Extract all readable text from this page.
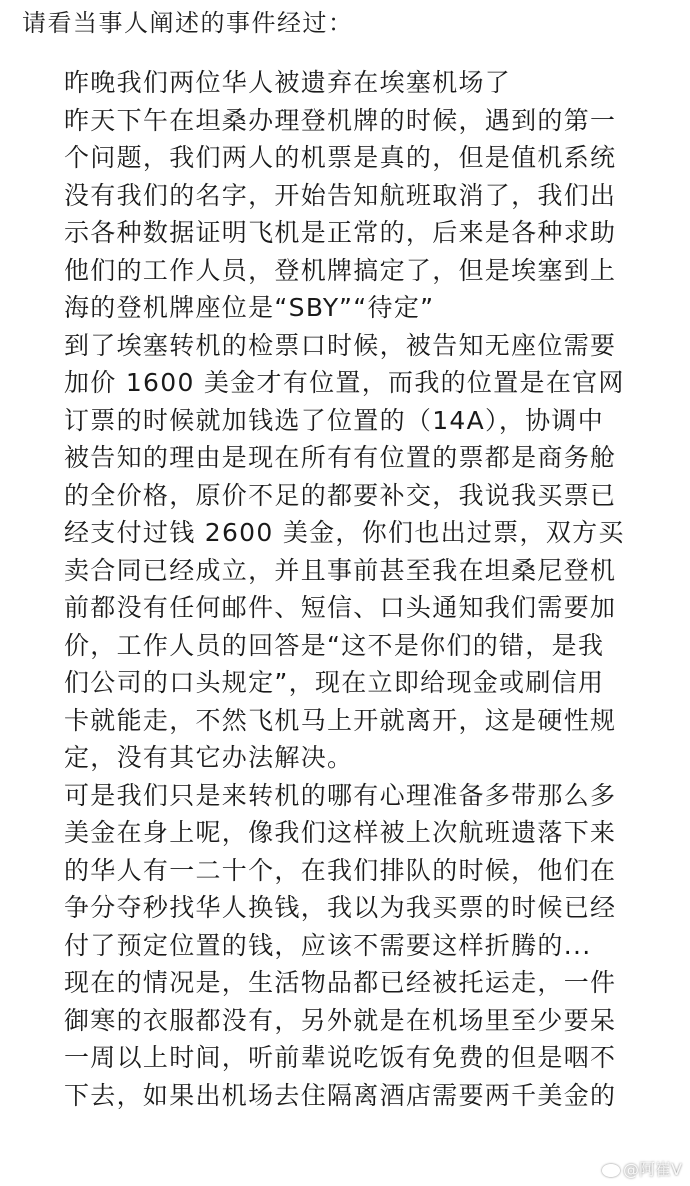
请看当事人阐述的事件经过：
昨晚我们两位华人被遗弃在埃塞机场了
昨天下午在坦桑办理登机牌的时候，遇到的第一
个问题，我们两人的机票是真的，但是值机系统
没有我们的名字，开始告知航班取消了，我们出
示各种数据证明飞机是正常的，后来是各种求助
他们的工作人员，登机牌搞定了，但是埃塞到上
海的登机牌座位是“SBY”“待定”
到了埃塞转机的检票口时候，被告知无座位需要
加价 1600 美金才有位置，而我的位置是在官网
订票的时候就加钱选了位置的（14A），协调中
被告知的理由是现在所有有位置的票都是商务舱
的全价格，原价不足的都要补交，我说我买票已
经支付过钱 2600 美金，你们也出过票，双方买
卖合同已经成立，并且事前甚至我在坦桑尼登机
前都没有任何邮件、短信、口头通知我们需要加
价，工作人员的回答是“这不是你们的错，是我
们公司的口头规定”，现在立即给现金或刷信用
卡就能走，不然飞机马上开就离开，这是硬性规
定，没有其它办法解决。
可是我们只是来转机的哪有心理准备多带那么多
美金在身上呢，像我们这样被上次航班遗落下来
的华人有一二十个，在我们排队的时候，他们在
争分夺秒找华人换钱，我以为我买票的时候已经
付了预定位置的钱，应该不需要这样折腾的...
现在的情况是，生活物品都已经被托运走，一件
御寒的衣服都没有，另外就是在机场里至少要呆
一周以上时间，听前辈说吃饭有免费的但是咽不
下去，如果出机场去住隔离酒店需要两千美金的
@阿崔V
